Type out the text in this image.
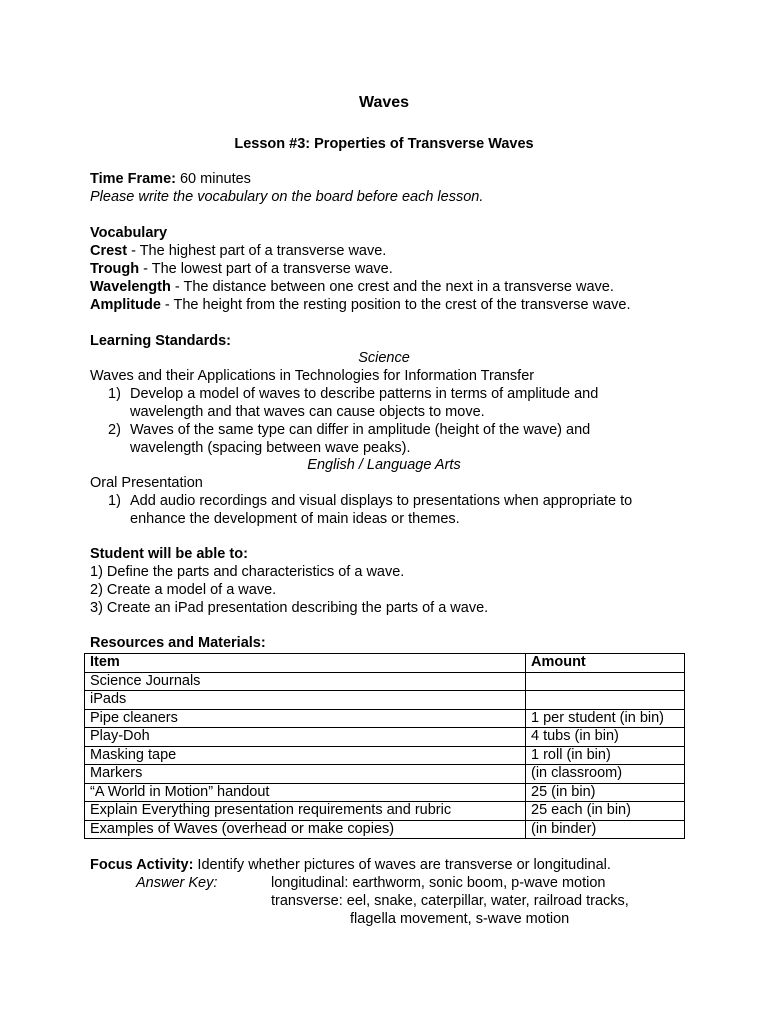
Waves
Lesson #3: Properties of Transverse Waves
Time Frame: 60 minutes
Please write the vocabulary on the board before each lesson.
Vocabulary
Crest - The highest part of a transverse wave.
Trough - The lowest part of a transverse wave.
Wavelength - The distance between one crest and the next in a transverse wave.
Amplitude - The height from the resting position to the crest of the transverse wave.
Learning Standards:
Science
Waves and their Applications in Technologies for Information Transfer
1) Develop a model of waves to describe patterns in terms of amplitude and
wavelength and that waves can cause objects to move.
2) Waves of the same type can differ in amplitude (height of the wave) and
wavelength (spacing between wave peaks).
English / Language Arts
Oral Presentation
1) Add audio recordings and visual displays to presentations when appropriate to
enhance the development of main ideas or themes.
Student will be able to:
1) Define the parts and characteristics of a wave.
2) Create a model of a wave.
3) Create an iPad presentation describing the parts of a wave.
Resources and Materials:
Item	Amount
Science Journals	
iPads	
Pipe cleaners	1 per student (in bin)
Play-Doh	4 tubs (in bin)
Masking tape	1 roll (in bin)
Markers	(in classroom)
“A World in Motion” handout	25 (in bin)
Explain Everything presentation requirements and rubric	25 each (in bin)
Examples of Waves (overhead or make copies)	(in binder)
Focus Activity: Identify whether pictures of waves are transverse or longitudinal.
Answer Key:	longitudinal: earthworm, sonic boom, p-wave motion
transverse: eel, snake, caterpillar, water, railroad tracks,
flagella movement, s-wave motion
